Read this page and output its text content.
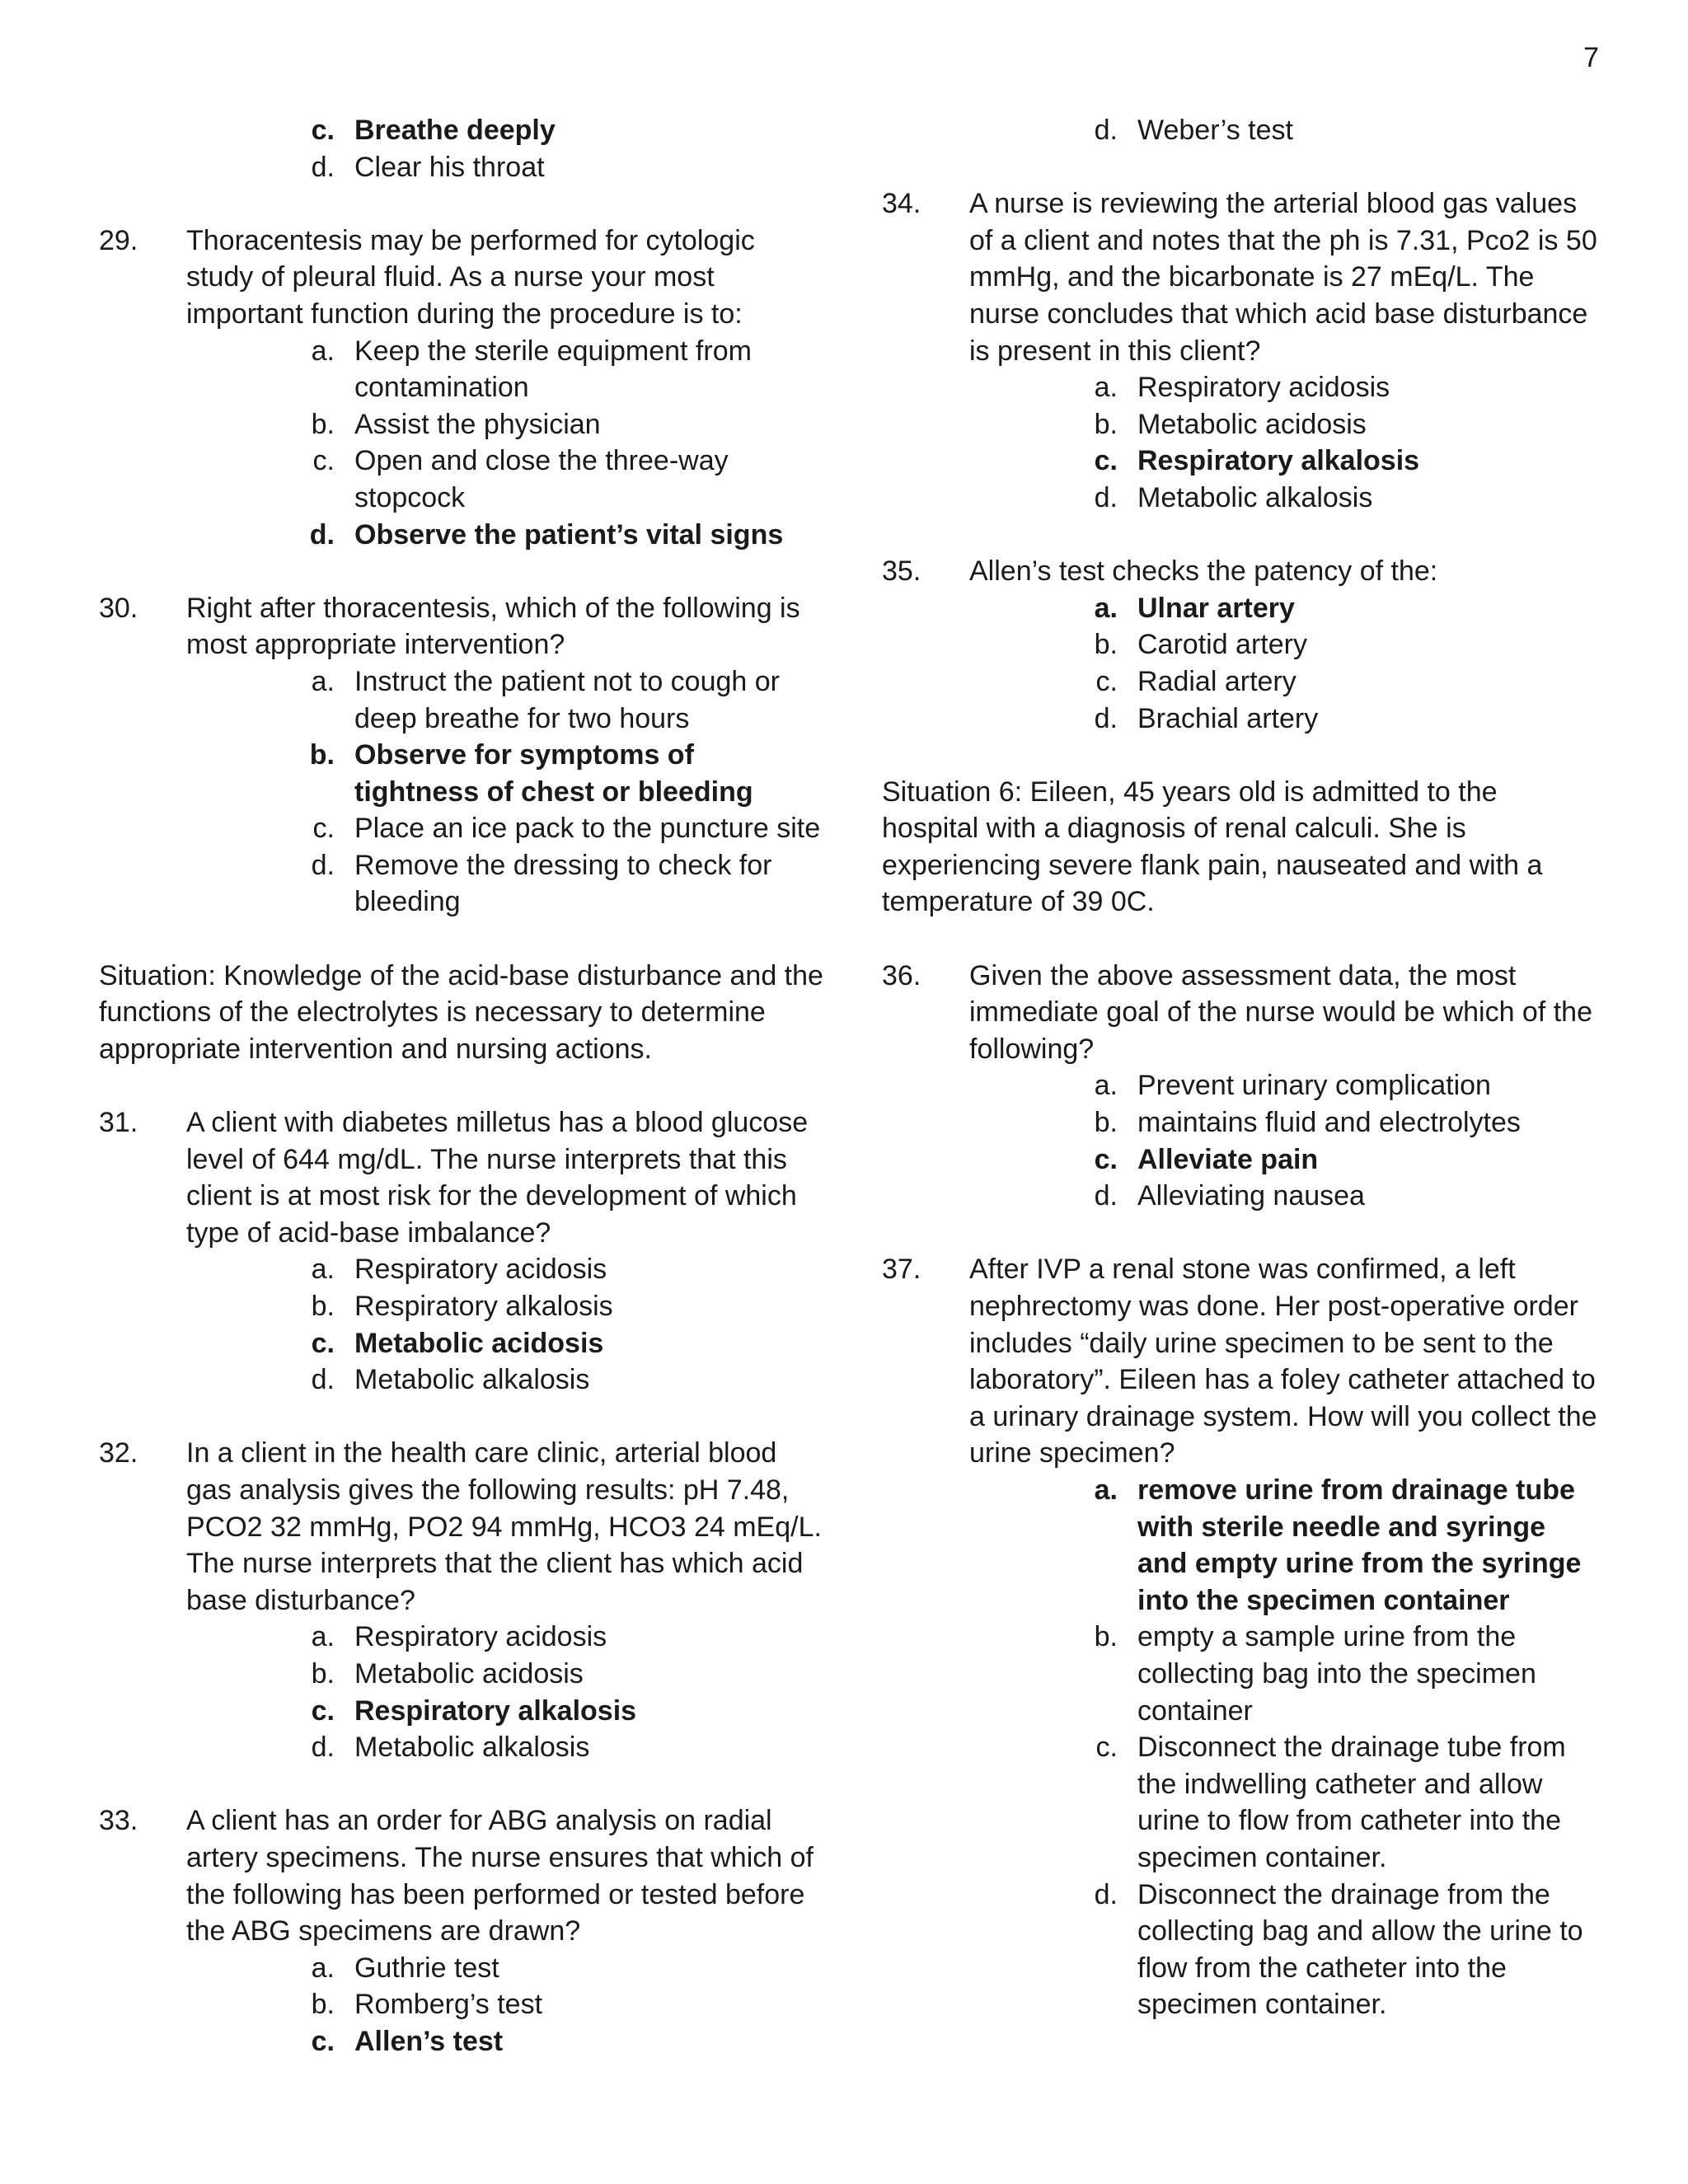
7
c. Breathe deeply
d. Clear his throat
29.	Thoracentesis may be performed for cytologic study of pleural fluid. As a nurse your most important function during the procedure is to:
a. Keep the sterile equipment from contamination
b. Assist the physician
c. Open and close the three-way stopcock
d. Observe the patient’s vital signs
30.	Right after thoracentesis, which of the following is most appropriate intervention?
a. Instruct the patient not to cough or deep breathe for two hours
b. Observe for symptoms of tightness of chest or bleeding
c. Place an ice pack to the puncture site
d. Remove the dressing to check for bleeding
Situation: Knowledge of the acid-base disturbance and the functions of the electrolytes is necessary to determine appropriate intervention and nursing actions.
31.	A client with diabetes milletus has a blood glucose level of 644 mg/dL. The nurse interprets that this client is at most risk for the development of which type of acid-base imbalance?
a. Respiratory acidosis
b. Respiratory alkalosis
c. Metabolic acidosis
d. Metabolic alkalosis
32.	In a client in the health care clinic, arterial blood gas analysis gives the following results: pH 7.48, PCO2 32 mmHg, PO2 94 mmHg, HCO3 24 mEq/L. The nurse interprets that the client has which acid base disturbance?
a. Respiratory acidosis
b. Metabolic acidosis
c. Respiratory alkalosis
d. Metabolic alkalosis
33.	A client has an order for ABG analysis on radial artery specimens. The nurse ensures that which of the following has been performed or tested before the ABG specimens are drawn?
a. Guthrie test
b. Romberg’s test
c. Allen’s test
d. Weber’s test
34.	A nurse is reviewing the arterial blood gas values of a client and notes that the ph is 7.31, Pco2 is 50 mmHg, and the bicarbonate is 27 mEq/L. The nurse concludes that which acid base disturbance is present in this client?
a. Respiratory acidosis
b. Metabolic acidosis
c. Respiratory alkalosis
d. Metabolic alkalosis
35.	Allen’s test checks the patency of the:
a. Ulnar artery
b. Carotid artery
c. Radial artery
d. Brachial artery
Situation 6: Eileen, 45 years old is admitted to the hospital with a diagnosis of renal calculi. She is experiencing severe flank pain, nauseated and with a temperature of 39 0C.
36.	Given the above assessment data, the most immediate goal of the nurse would be which of the following?
a. Prevent urinary complication
b. maintains fluid and electrolytes
c. Alleviate pain
d. Alleviating nausea
37.	After IVP a renal stone was confirmed, a left nephrectomy was done. Her post-operative order includes “daily urine specimen to be sent to the laboratory”. Eileen has a foley catheter attached to a urinary drainage system. How will you collect the urine specimen?
a. remove urine from drainage tube with sterile needle and syringe and empty urine from the syringe into the specimen container
b. empty a sample urine from the collecting bag into the specimen container
c. Disconnect the drainage tube from the indwelling catheter and allow urine to flow from catheter into the specimen container.
d. Disconnect the drainage from the collecting bag and allow the urine to flow from the catheter into the specimen container.
